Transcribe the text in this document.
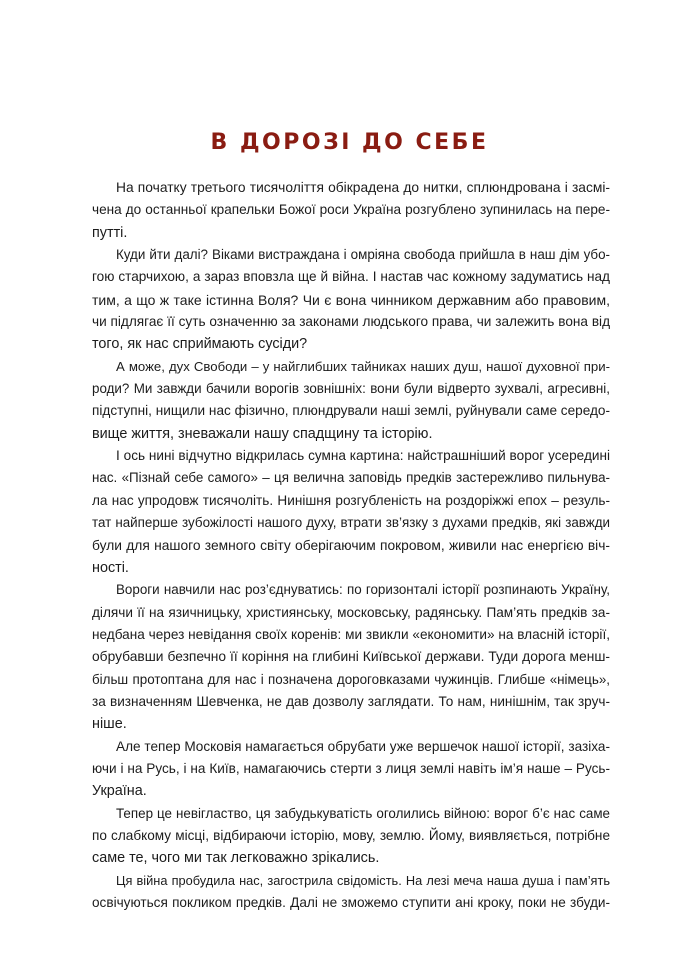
В ДОРОЗІ ДО СЕБЕ
На початку третього тисячоліття обікрадена до нитки, сплюндрована і засмі-
чена до останньої крапельки Божої роси Україна розгублено зупинилась на пере-
путті.
Куди йти далі? Віками вистраждана і омріяна свобода прийшла в наш дім убо-
гою старчихою, а зараз вповзла ще й війна. І настав час кожному задуматись над
тим, а що ж таке істинна Воля? Чи є вона чинником державним або правовим,
чи підлягає її суть означенню за законами людського права, чи залежить вона від
того, як нас сприймають сусіди?
А може, дух Свободи – у найглибших тайниках наших душ, нашої духовної при-
роди? Ми завжди бачили ворогів зовнішніх: вони були відверто зухвалі, агресивні,
підступні, нищили нас фізично, плюндрували наші землі, руйнували саме середо-
вище життя, зневажали нашу спадщину та історію.
І ось нині відчутно відкрилась сумна картина: найстрашніший ворог усередині
нас. «Пізнай себе самого» – ця велична заповідь предків застережливо пильнува-
ла нас упродовж тисячоліть. Нинішня розгубленість на роздоріжжі епох – резуль-
тат найперше зубожілості нашого духу, втрати зв’язку з духами предків, які завжди
були для нашого земного світу оберігаючим покровом, живили нас енергією віч-
ності.
Вороги навчили нас роз’єднуватись: по горизонталі історії розпинають Україну,
ділячи її на язичницьку, християнську, московську, радянську. Пам’ять предків за-
недбана через невідання своїх коренів: ми звикли «економити» на власній історії,
обрубавши безпечно її коріння на глибині Київської держави. Туди дорога менш-
більш протоптана для нас і позначена дороговказами чужинців. Глибше «німець»,
за визначенням Шевченка, не дав дозволу заглядати. То нам, нинішнім, так зруч-
ніше.
Але тепер Московія намагається обрубати уже вершечок нашої історії, зазіха-
ючи і на Русь, і на Київ, намагаючись стерти з лиця землі навіть ім’я наше – Русь-
Україна.
Тепер це невігластво, ця забудькуватість оголились війною: ворог б’є нас саме
по слабкому місці, відбираючи історію, мову, землю. Йому, виявляється, потрібне
саме те, чого ми так легковажно зрікались.
Ця війна пробудила нас, загострила свідомість. На лезі меча наша душа і пам’ять
освічуються покликом предків. Далі не зможемо ступити ані кроку, поки не збуди-
